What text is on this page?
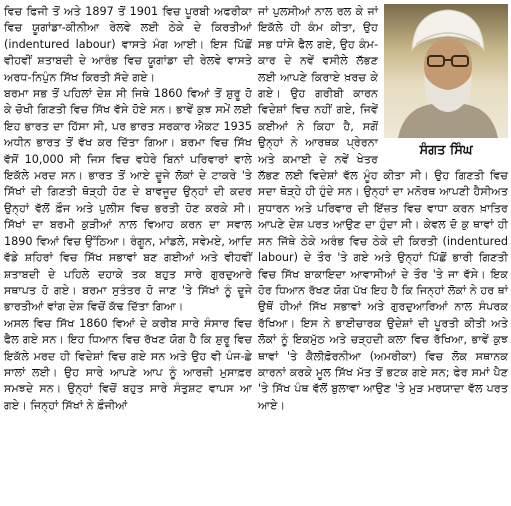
ਵਿਚ ਫਿਜੀ ਤੋਂ ਅਤੇ 1897 ਤੋਂ 1901 ਵਿਚ ਪੂਰਬੀ ਅਫਰੀਕਾ ਵਿਚ ਯੂਗਾਂਡਾ-ਕੀਨੀਆ ਰੇਲਵੇ ਲਈ ਠੇਕੇ ਦੇ ਕਿਰਤੀਆਂ (indentured labour) ਵਾਸਤੇ ਮੰਗ ਆਈ। ਇਸ ਪਿੱਛੋਂ ਵੀਹਵੀਂ ਸ਼ਤਾਬਦੀ ਦੇ ਆਰੰਭ ਵਿਚ ਯੂਗਾਂਡਾ ਦੀ ਰੇਲਵੇ ਵਾਸਤੇ ਅਰਧ-ਨਿਪੁੰਨ ਸਿੱਖ ਕਿਰਤੀ ਸੱਦੇ ਗਏ।

ਬਰਮਾ ਸਭ ਤੋਂ ਪਹਿਲਾਂ ਦੇਸ਼ ਸੀ ਜਿਥੇ 1860 ਵਿਆਂ ਤੋਂ ਸ਼ੁਰੂ ਹੋ ਕੇ ਚੋਖੀ ਗਿਣਤੀ ਵਿਚ ਸਿੱਖ ਵੱਸੇ ਹੋਏ ਸਨ। ਭਾਵੇਂ ਕੁਝ ਸਮੇਂ ਲਈ ਇਹ ਭਾਰਤ ਦਾ ਹਿੱਸਾ ਸੀ, ਪਰ ਭਾਰਤ ਸਰਕਾਰ ਐਕਟ 1935 ਅਧੀਨ ਭਾਰਤ ਤੋਂ ਵੱਖ ਕਰ ਦਿੱਤਾ ਗਿਆ। ਬਰਮਾ ਵਿਚ ਸਿੱਖ ਵੱਸੋਂ 10,000 ਸੀ ਜਿਸ ਵਿਚ ਵਧੇਰੇ ਬਿਨਾਂ ਪਰਿਵਾਰਾਂ ਵਾਲੇ ਇਕੱਲੇ ਮਰਦ ਸਨ। ਭਾਰਤ ਤੋਂ ਆਏ ਦੂਜੇ ਲੋਕਾਂ ਦੇ ਟਾਕਰੇ 'ਤੇ ਸਿੱਖਾਂ ਦੀ ਗਿਣਤੀ ਥੋੜ੍ਹੀ ਹੋਣ ਦੇ ਬਾਵਜੂਦ ਉਨ੍ਹਾਂ ਦੀ ਕਦਰ ਉਨ੍ਹਾਂ ਵੱਲੋਂ ਫ਼ੌਜ ਅਤੇ ਪੁਲੀਸ ਵਿਚ ਭਰਤੀ ਹੋਣ ਕਰਕੇ ਸੀ। ਸਿੱਖਾਂ ਦਾ ਬਰਮੀ ਕੁੜੀਆਂ ਨਾਲ ਵਿਆਹ ਕਰਨ ਦਾ ਸਵਾਲ 1890 ਵਿਆਂ ਵਿਚ ਉੱਠਿਆ। ਰੰਗੂਨ, ਮਾਂਡਲੇ, ਸਵੇਮਏ, ਆਦਿ ਵੱਡੇ ਸ਼ਹਿਰਾਂ ਵਿਚ ਸਿੱਖ ਸਭਾਵਾਂ ਬਣ ਗਈਆਂ ਅਤੇ ਵੀਹਵੀਂ ਸ਼ਤਾਬਦੀ ਦੇ ਪਹਿਲੇ ਦਹਾਕੇ ਤਕ ਬਹੁਤ ਸਾਰੇ ਗੁਰਦੁਆਰੇ ਸਥਾਪਤ ਹੋ ਗਏ। ਬਰਮਾ ਸੁਤੰਤਰ ਹੋ ਜਾਣ 'ਤੇ ਸਿੱਖਾਂ ਨੂੰ ਦੂਜੇ ਭਾਰਤੀਆਂ ਵਾਂਗ ਦੇਸ਼ ਵਿਚੋਂ ਕੱਢ ਦਿੱਤਾ ਗਿਆ।

ਅਸਲ ਵਿਚ ਸਿੱਖ 1860 ਵਿਆਂ ਦੇ ਕਰੀਬ ਸਾਰੇ ਸੰਸਾਰ ਵਿਚ ਫੈਲ ਗਏ ਸਨ। ਇਹ ਧਿਆਨ ਵਿਚ ਰੱਖਣ ਯੋਗ ਹੈ ਕਿ ਸ਼ੁਰੂ ਵਿਚ ਇਕੱਲੇ ਮਰਦ ਹੀ ਵਿਦੇਸ਼ਾਂ ਵਿਚ ਗਏ ਸਨ ਅਤੇ ਉਹ ਵੀ ਪੰਜ-ਛੇ ਸਾਲਾਂ ਲਈ। ਉਹ ਸਾਰੇ ਆਪਣੇ ਆਪ ਨੂੰ ਆਰਜ਼ੀ ਮੁਸਾਫ਼ਰ ਸਮਝਦੇ ਸਨ। ਉਨ੍ਹਾਂ ਵਿਚੋਂ ਬਹੁਤ ਸਾਰੇ ਸੰਤੁਸ਼ਟ ਵਾਪਸ ਆ ਗਏ। ਜਿਨ੍ਹਾਂ ਸਿੱਖਾਂ ਨੇ ਫ਼ੌਜੀਆਂ

ਸੰਗਤ ਸਿੰਘ

ਜਾਂ ਪੁਲਸੀਆਂ ਨਾਲ ਰਲ ਕੇ ਜਾਂ ਇਕੱਲੇ ਹੀ ਕੰਮ ਕੀਤਾ, ਉਹ ਸਭ ਧਾਂਸੇ ਫੈਲ ਗਏ, ਉਹ ਕੰਮ-ਕਾਰ ਦੇ ਨਵੇਂ ਵਸੀਲੇ ਲੱਭਣ ਲਈ ਆਪਣੇ ਕਿਰਾਏ ਖ਼ਰਚ ਕੇ ਗਏ। ਉਹ ਗਰੀਬੀ ਕਾਰਨ ਵਿਦੇਸ਼ਾਂ ਵਿਚ ਨਹੀਂ ਗਏ, ਜਿਵੇਂ ਕਈਆਂ ਨੇ ਕਿਹਾ ਹੈ, ਸਗੋਂ ਉਨ੍ਹਾਂ ਨੇ ਆਰਥਕ ਪ੍ਰੇਰਨਾ ਅਤੇ ਕਮਾਈ ਦੇ ਨਵੇਂ ਖੇਤਰ ਲੱਭਣ ਲਈ ਵਿਦੇਸ਼ਾਂ ਵੱਲ ਮੂੰਹ ਕੀਤਾ ਸੀ। ਉਹ ਗਿਣਤੀ ਵਿਚ ਸਦਾ ਥੋੜ੍ਹੇ ਹੀ ਹੁੰਦੇ ਸਨ। ਉਨ੍ਹਾਂ ਦਾ ਮਨੋਰਥ ਆਪਣੀ ਹੈਸੀਅਤ ਸੁਧਾਰਨ ਅਤੇ ਪਰਿਵਾਰ ਦੀ ਇੱਜ਼ਤ ਵਿਚ ਵਾਧਾ ਕਰਨ ਖ਼ਾਤਿਰ ਆਪਣੇ ਦੇਸ਼ ਪਰਤ ਆਉਣ ਦਾ ਹੁੰਦਾ ਸੀ। ਕੇਵਲ ਦੋ ਕੁ ਥਾਵਾਂ ਹੀ ਸਨ ਜਿੱਥੇ ਠੇਕੇ ਅਰੰਭ ਵਿਚ ਠੇਕੇ ਦੀ ਕਿਰਤੀ (indentured labour) ਦੇ ਤੌਰ 'ਤੇ ਗਏ ਅਤੇ ਉਨ੍ਹਾਂ ਪਿੱਛੋਂ ਭਾਰੀ ਗਿਣਤੀ ਵਿਚ ਸਿੱਖ ਬਾਕਾਇਦਾ ਆਵਾਸੀਆਂ ਦੇ ਤੌਰ 'ਤੇ ਜਾ ਵੱਸੇ। ਇਕ ਹੋਰ ਧਿਆਨ ਰੱਖਣ ਯੋਗ ਪੱਖ ਇਹ ਹੈ ਕਿ ਜਿਨ੍ਹਾਂ ਲੋਕਾਂ ਨੇ ਹਰ ਥਾਂ ਉਥੋਂ ਹੀਆਂ ਸਿੱਖ ਸਭਾਵਾਂ ਅਤੇ ਗੁਰਦੁਆਰਿਆਂ ਨਾਲ ਸੰਪਰਕ ਰੱਖਿਆ। ਇਸ ਨੇ ਭਾਈਚਾਰਕ ਉਦੇਸ਼ਾਂ ਦੀ ਪੂਰਤੀ ਕੀਤੀ ਅਤੇ ਲੋਕਾਂ ਨੂੰ ਇਕਮੁੱਠ ਅਤੇ ਚੜ੍ਹਦੀ ਕਲਾ ਵਿਚ ਰੱਖਿਆ, ਭਾਵੇਂ ਕੁਝ ਥਾਵਾਂ 'ਤੇ ਕੈਲੀਫ਼ੋਰਨੀਆ (ਅਮਰੀਕਾ) ਵਿਚ ਲੋਕ ਸਥਾਨਕ ਕਾਰਨਾਂ ਕਰਕੇ ਮੂਲ ਸਿੱਖ ਮੱਤ ਤੋਂ ਭਟਕ ਗਏ ਸਨ; ਫੇਰ ਸਮਾਂ ਪੈਣ 'ਤੇ ਸਿੱਖ ਪੰਥ ਵੱਲੋਂ ਬੁਲਾਵਾ ਆਉਣ 'ਤੇ ਮੁੜ ਮਰਯਾਦਾ ਵੱਲ ਪਰਤ ਆਏ।
